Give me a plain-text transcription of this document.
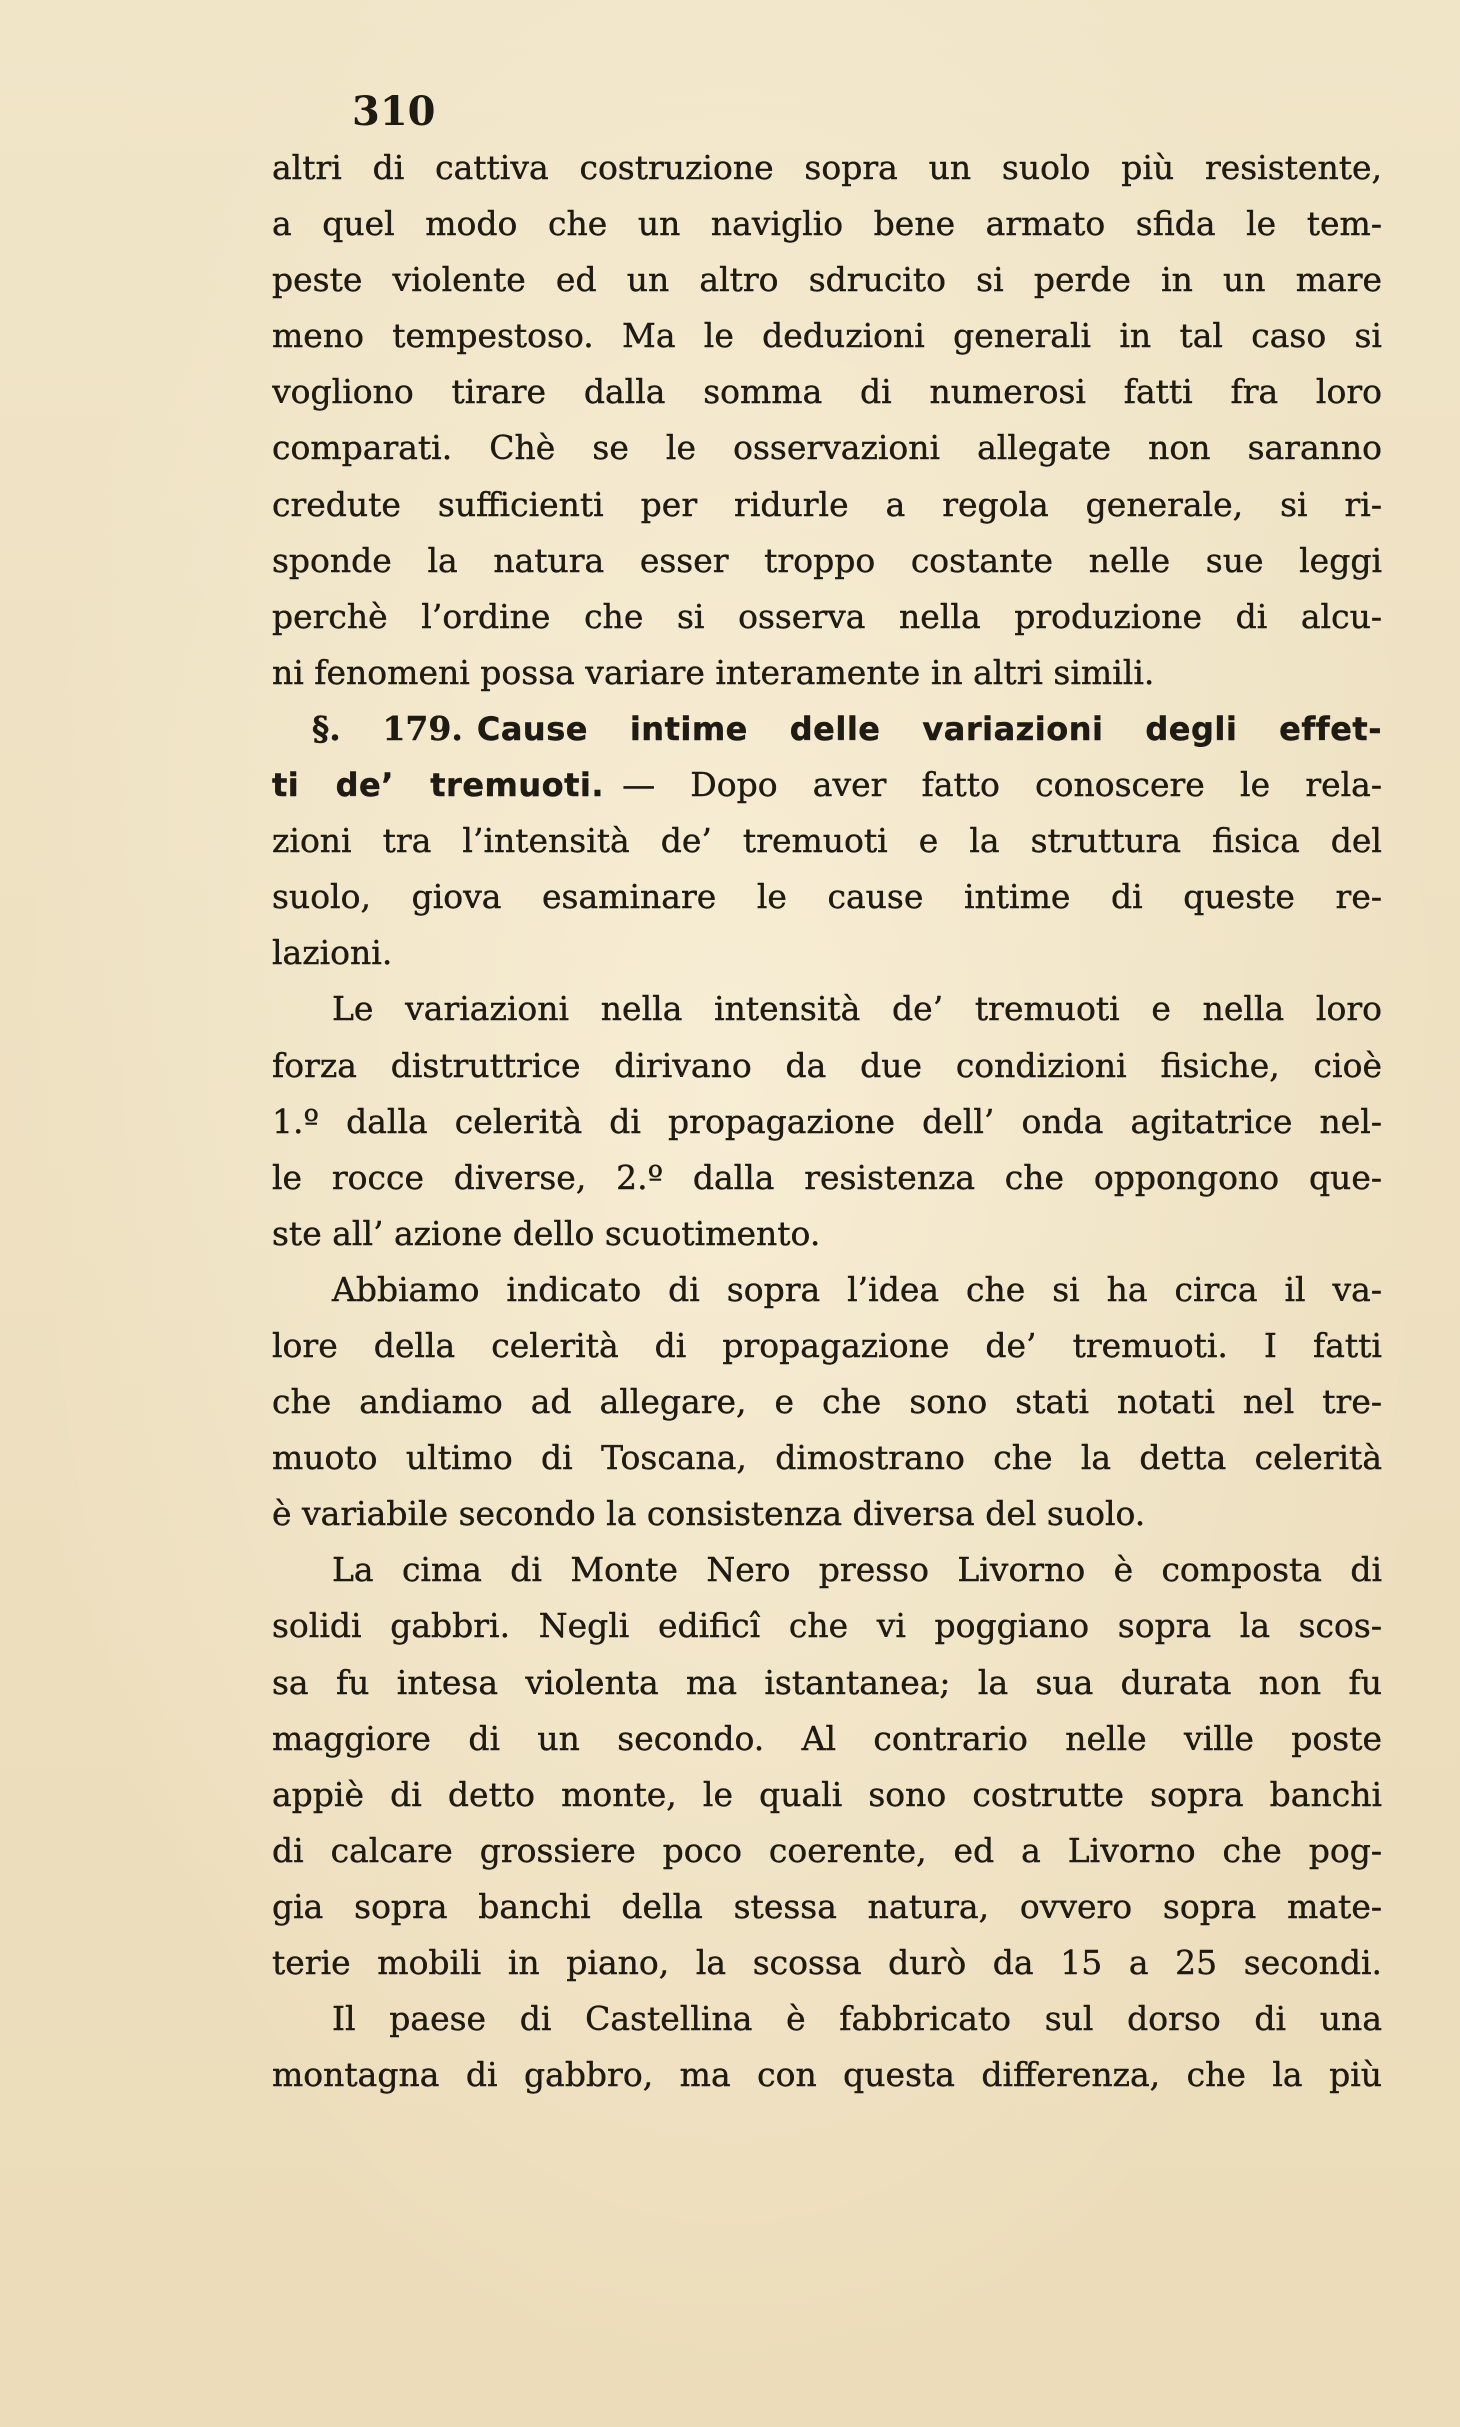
310
altri di cattiva costruzione sopra un suolo più resistente,
a quel modo che un naviglio bene armato sfida le tem-
peste violente ed un altro sdrucito si perde in un mare
meno tempestoso. Ma le deduzioni generali in tal caso si
vogliono tirare dalla somma di numerosi fatti fra loro
comparati. Chè se le osservazioni allegate non saranno
credute sufficienti per ridurle a regola generale, si ri-
sponde la natura esser troppo costante nelle sue leggi
perchè l’ordine che si osserva nella produzione di alcu-
ni fenomeni possa variare interamente in altri simili.
§. 179. Cause intime delle variazioni degli effet-
ti de’ tremuoti. — Dopo aver fatto conoscere le rela-
zioni tra l’intensità de’ tremuoti e la struttura fisica del
suolo, giova esaminare le cause intime di queste re-
lazioni.
Le variazioni nella intensità de’ tremuoti e nella loro
forza distruttrice dirivano da due condizioni fisiche, cioè
1.º dalla celerità di propagazione dell’ onda agitatrice nel-
le rocce diverse, 2.º dalla resistenza che oppongono que-
ste all’ azione dello scuotimento.
Abbiamo indicato di sopra l’idea che si ha circa il va-
lore della celerità di propagazione de’ tremuoti. I fatti
che andiamo ad allegare, e che sono stati notati nel tre-
muoto ultimo di Toscana, dimostrano che la detta celerità
è variabile secondo la consistenza diversa del suolo.
La cima di Monte Nero presso Livorno è composta di
solidi gabbri. Negli edificî che vi poggiano sopra la scos-
sa fu intesa violenta ma istantanea; la sua durata non fu
maggiore di un secondo. Al contrario nelle ville poste
appiè di detto monte, le quali sono costrutte sopra banchi
di calcare grossiere poco coerente, ed a Livorno che pog-
gia sopra banchi della stessa natura, ovvero sopra mate-
terie mobili in piano, la scossa durò da 15 a 25 secondi.
Il paese di Castellina è fabbricato sul dorso di una
montagna di gabbro, ma con questa differenza, che la più
